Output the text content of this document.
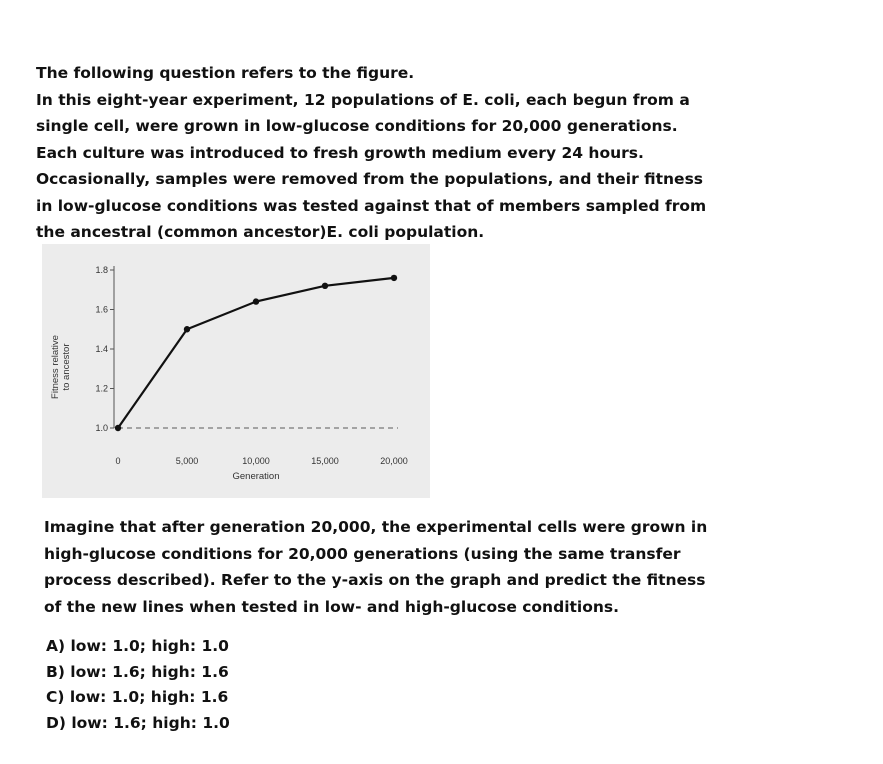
The following question refers to the figure.
In this eight-year experiment, 12 populations of E. coli, each begun from a
single cell, were grown in low-glucose conditions for 20,000 generations.
Each culture was introduced to fresh growth medium every 24 hours.
Occasionally, samples were removed from the populations, and their fitness
in low-glucose conditions was tested against that of members sampled from
the ancestral (common ancestor)E. coli population.
1.0
1.2
1.4
1.6
1.8
0	5,000	10,000	15,000	20,000
Generation
Fitness relative to ancestor
Imagine that after generation 20,000, the experimental cells were grown in
high-glucose conditions for 20,000 generations (using the same transfer
process described). Refer to the y-axis on the graph and predict the fitness
of the new lines when tested in low- and high-glucose conditions.
A) low: 1.0; high: 1.0
B) low: 1.6; high: 1.6
C) low: 1.0; high: 1.6
D) low: 1.6; high: 1.0
